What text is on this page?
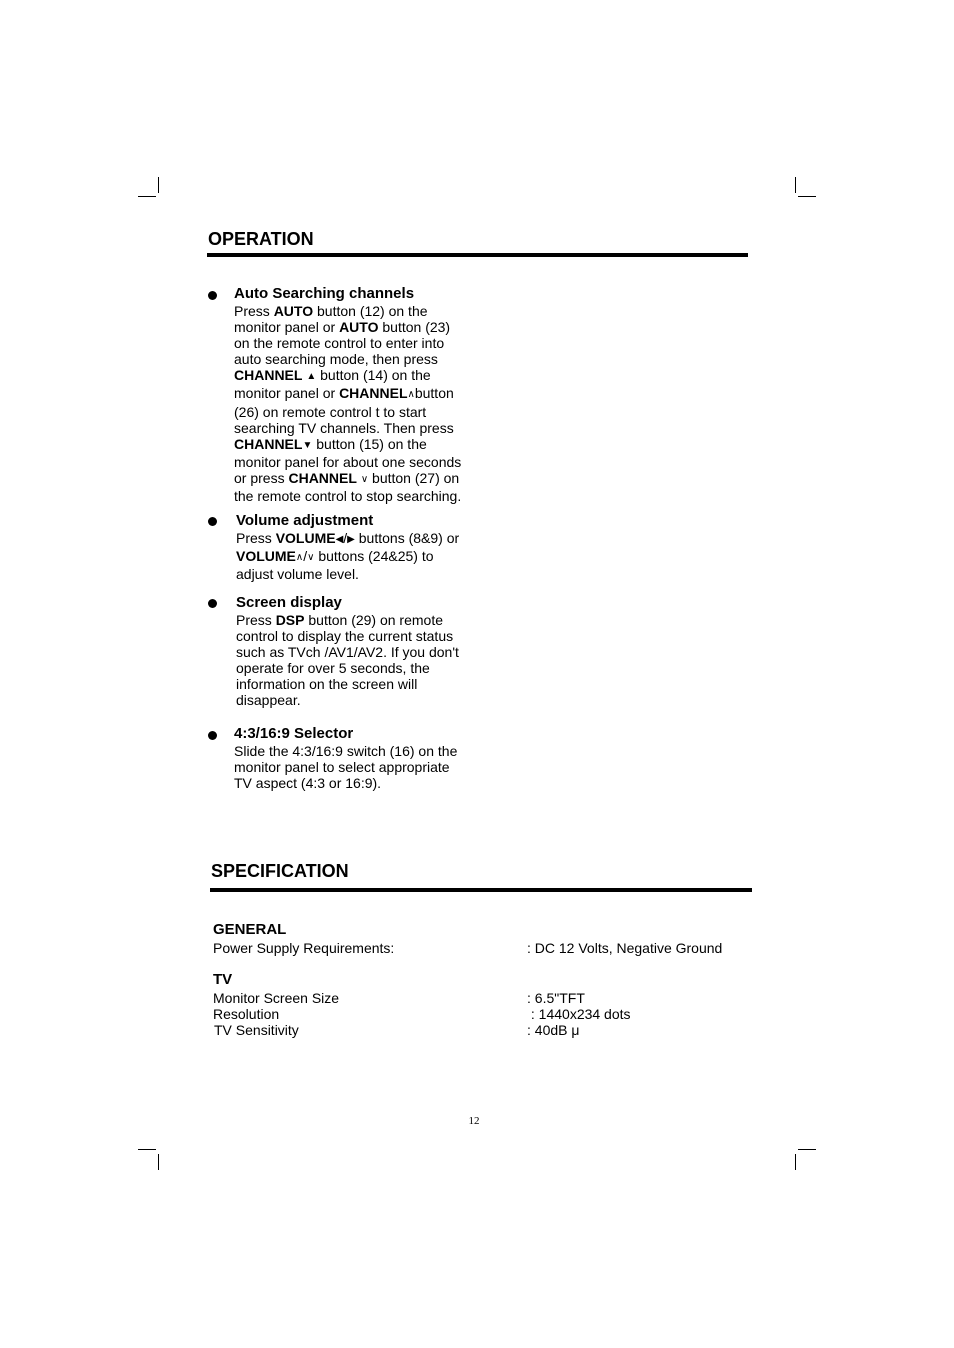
OPERATION
Auto Searching channels
Press AUTO button (12) on the
monitor panel or AUTO button (23)
on the remote control to enter into
auto searching mode, then press
CHANNEL ▲ button (14) on the
monitor panel or CHANNEL∧button
(26) on remote control t to start
searching TV channels. Then press
CHANNEL▼ button (15) on the
monitor panel for about one seconds
or press CHANNEL ∨ button (27) on
the remote control to stop searching.
Volume adjustment
Press VOLUME◀/▶ buttons (8&9) or
VOLUME∧/∨ buttons (24&25) to
adjust volume level.
Screen display
Press DSP button (29) on remote
control to display the current status
such as TVch /AV1/AV2. If you don't
operate for over 5 seconds, the
information on the screen will
disappear.
4:3/16:9 Selector
Slide the 4:3/16:9 switch (16) on the
monitor panel to select appropriate
TV aspect (4:3 or 16:9).
SPECIFICATION
GENERAL
Power Supply Requirements:	: DC 12 Volts, Negative Ground
TV
Monitor Screen Size	: 6.5"TFT
Resolution	: 1440x234 dots
TV Sensitivity	: 40dB μ
12
